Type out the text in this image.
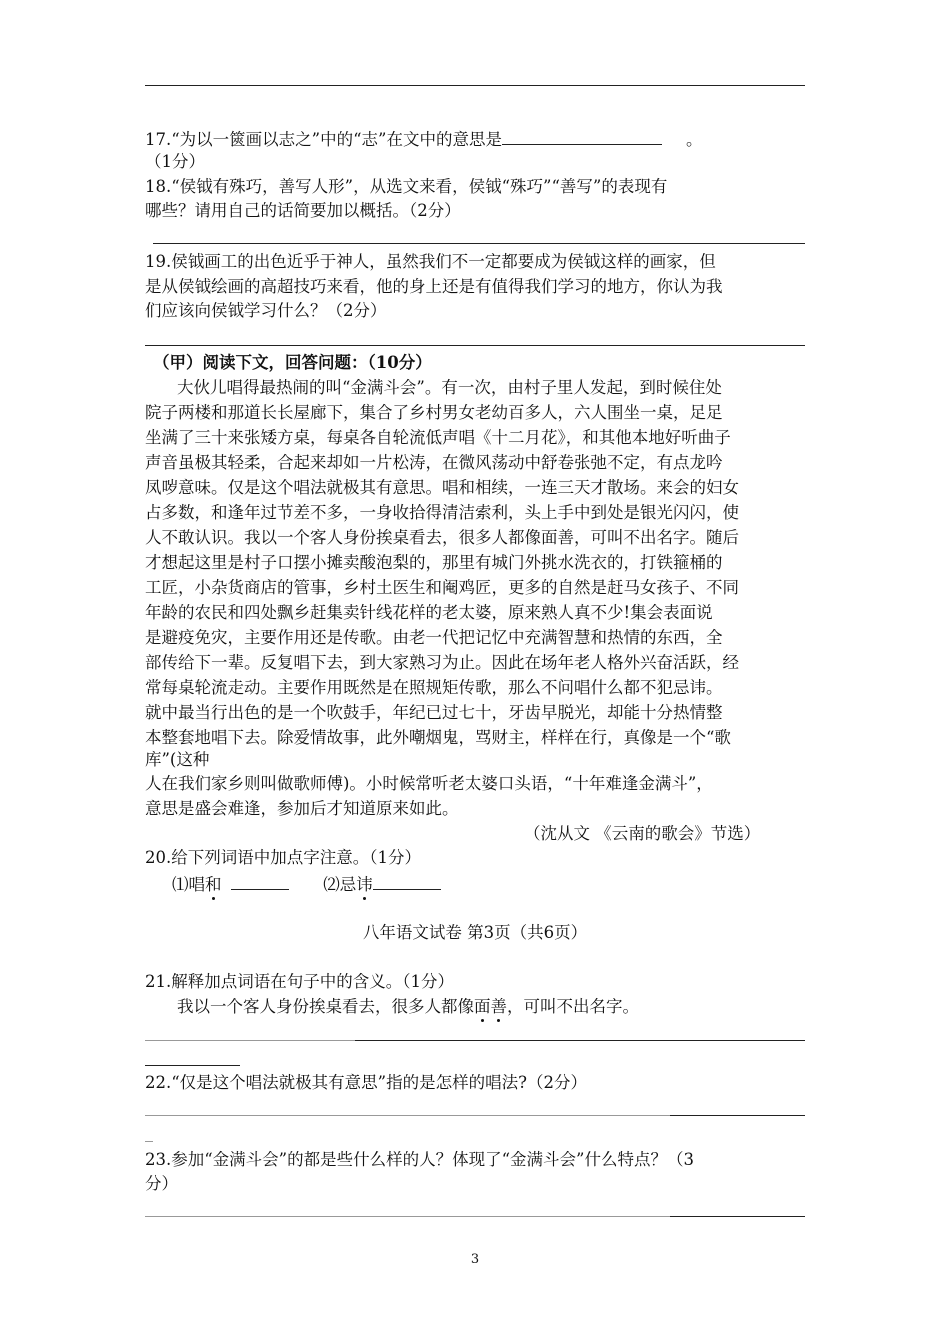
17.“为以一篋画以志之”中的“志”在文中的意思是	。
（1分）
18.“侯钺有殊巧，善写人形”，从选文来看，侯钺“殊巧”“善写”的表现有
哪些？请用自己的话简要加以概括。（2分）
19.侯钺画工的出色近乎于神人，虽然我们不一定都要成为侯钺这样的画家，但
是从侯钺绘画的高超技巧来看，他的身上还是有值得我们学习的地方，你认为我
们应该向侯钺学习什么？（2分）
（甲）阅读下文，回答问题：（10分）
大伙儿唱得最热闹的叫“金满斗会”。有一次，由村子里人发起，到时候住处
院子两楼和那道长长屋廊下，集合了乡村男女老幼百多人，六人围坐一桌，足足
坐满了三十来张矮方桌，每桌各自轮流低声唱《十二月花》，和其他本地好听曲子
声音虽极其轻柔，合起来却如一片松涛，在微风荡动中舒卷张弛不定，有点龙吟
凤哕意味。仅是这个唱法就极其有意思。唱和相续，一连三天才散场。来会的妇女
占多数，和逢年过节差不多，一身收拾得清洁索利，头上手中到处是银光闪闪，使
人不敢认识。我以一个客人身份挨桌看去，很多人都像面善，可叫不出名字。随后
才想起这里是村子口摆小摊卖酸泡梨的，那里有城门外挑水洗衣的，打铁箍桶的
工匠，小杂货商店的管事，乡村土医生和阉鸡匠，更多的自然是赶马女孩子、不同
年龄的农民和四处飘乡赶集卖针线花样的老太婆，原来熟人真不少!集会表面说
是避疫免灾，主要作用还是传歌。由老一代把记忆中充满智慧和热情的东西，全
部传给下一辈。反复唱下去，到大家熟习为止。因此在场年老人格外兴奋活跃，经
常每桌轮流走动。主要作用既然是在照规矩传歌，那么不问唱什么都不犯忌讳。
就中最当行出色的是一个吹鼓手，年纪已过七十，牙齿早脱光，却能十分热情整
本整套地唱下去。除爱情故事，此外嘲烟鬼，骂财主，样样在行，真像是一个“歌
库”(这种
人在我们家乡则叫做歌师傅)。小时候常听老太婆口头语，“十年难逢金满斗”，
意思是盛会难逢，参加后才知道原来如此。
（沈从文 《云南的歌会》节选）
20.给下列词语中加点字注意。（1分）
⑴唱和	⑵忌讳
八年语文试卷 第3页（共6页）
21.解释加点词语在句子中的含义。（1分）
我以一个客人身份挨桌看去，很多人都像面善，可叫不出名字。
22.“仅是这个唱法就极其有意思”指的是怎样的唱法?（2分）
23.参加“金满斗会”的都是些什么样的人？体现了“金满斗会”什么特点？（3
分）
3
